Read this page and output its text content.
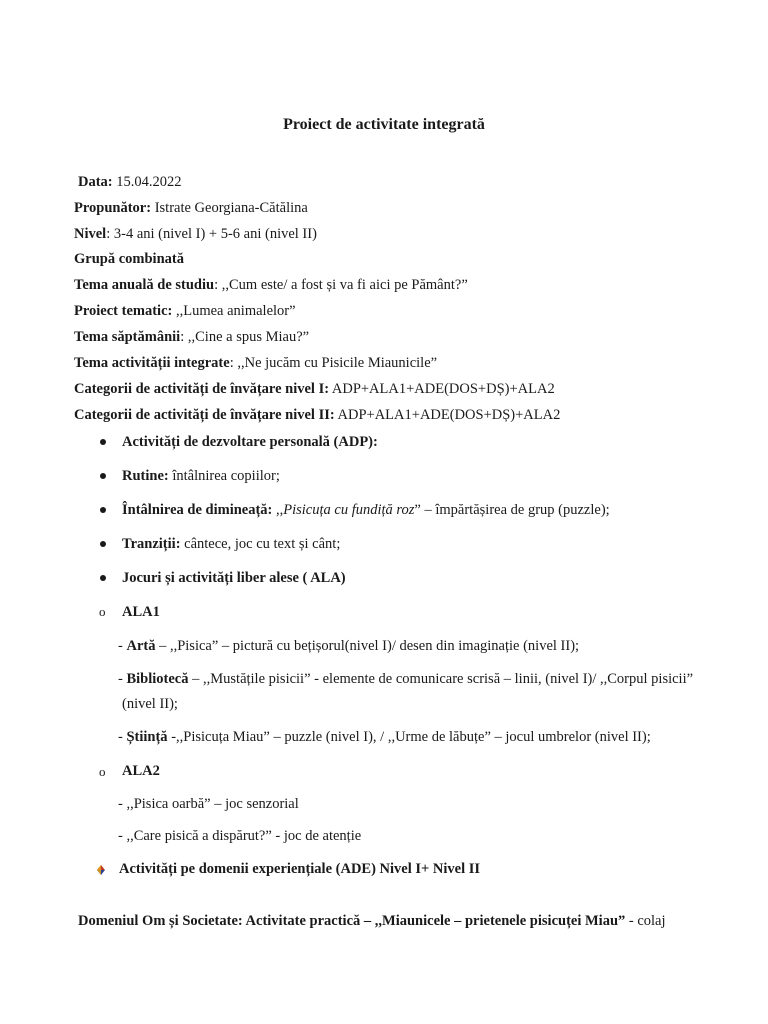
Proiect de activitate integrată
Data: 15.04.2022
Propunător: Istrate Georgiana-Cătălina
Nivel: 3-4 ani (nivel I) + 5-6 ani (nivel II)
Grupă combinată
Tema anuală de studiu: ,,Cum este/ a fost și va fi aici pe Pământ?”
Proiect tematic: ,,Lumea animalelor”
Tema săptămânii: ,,Cine a spus Miau?”
Tema activității integrate: ,,Ne jucăm cu Pisicile Miaunicile”
Categorii de activități de învățare nivel I: ADP+ALA1+ADE(DOS+DȘ)+ALA2
Categorii de activități de învățare nivel II: ADP+ALA1+ADE(DOS+DȘ)+ALA2
Activități de dezvoltare personală (ADP):
Rutine: întâlnirea copiilor;
Întâlnirea de dimineață: ,,Pisicuța cu fundiță roz” – împărtășirea de grup (puzzle);
Tranziții: cântece, joc cu text și cânt;
Jocuri și activități liber alese ( ALA)
o ALA1
- Artă – ,,Pisica” – pictură cu bețișorul(nivel I)/ desen din imaginație (nivel II);
- Bibliotecă – ,,Mustățile pisicii” - elemente de comunicare scrisă – linii, (nivel I)/ ,,Corpul pisicii”
(nivel II);
- Știință -,,Pisicuța Miau” – puzzle (nivel I), / ,,Urme de lăbuțe” – jocul umbrelor (nivel II);
o ALA2
- ,,Pisica oarbă” – joc senzorial
- ,,Care pisică a dispărut?” - joc de atenție
Activități pe domenii experiențiale (ADE) Nivel I+ Nivel II
Domeniul Om și Societate: Activitate practică – ,,Miaunicele – prietenele pisicuței Miau” - colaj
